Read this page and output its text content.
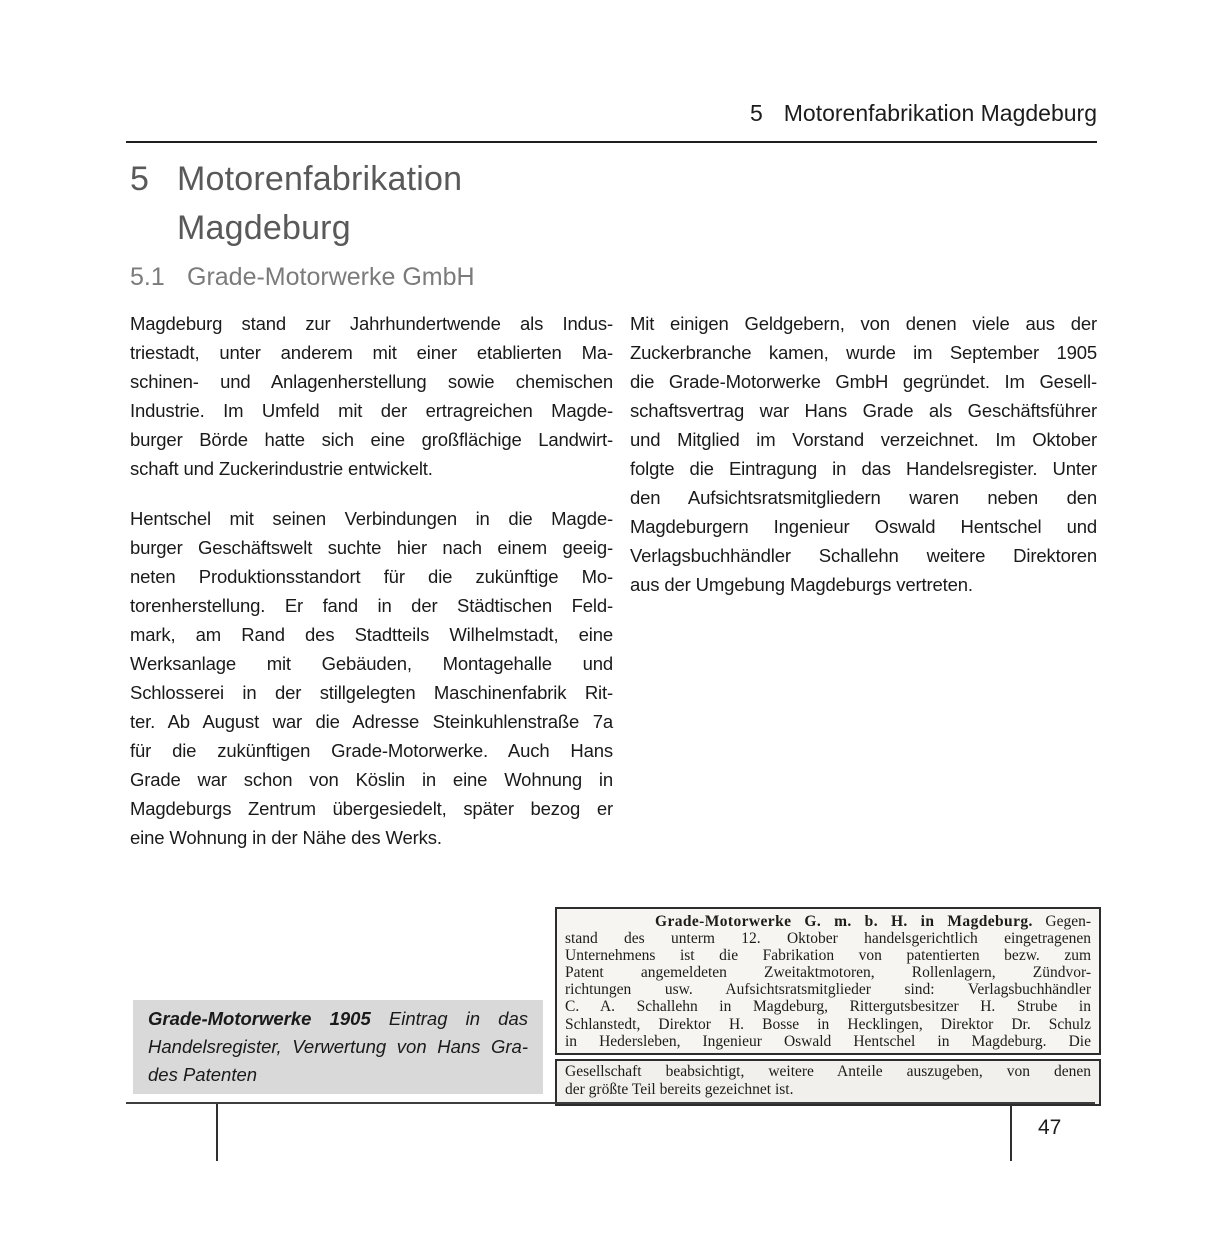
5 Motorenfabrikation Magdeburg
5 Motorenfabrikation
Magdeburg
5.1 Grade-Motorwerke GmbH
Magdeburg stand zur Jahrhundertwende als Indus-
triestadt, unter anderem mit einer etablierten Ma-
schinen- und Anlagenherstellung sowie chemischen
Industrie. Im Umfeld mit der ertragreichen Magde-
burger Börde hatte sich eine großflächige Landwirt-
schaft und Zuckerindustrie entwickelt.
Hentschel mit seinen Verbindungen in die Magde-
burger Geschäftswelt suchte hier nach einem geeig-
neten Produktionsstandort für die zukünftige Mo-
torenherstellung. Er fand in der Städtischen Feld-
mark, am Rand des Stadtteils Wilhelmstadt, eine
Werksanlage mit Gebäuden, Montagehalle und
Schlosserei in der stillgelegten Maschinenfabrik Rit-
ter. Ab August war die Adresse Steinkuhlenstraße 7a
für die zukünftigen Grade-Motorwerke. Auch Hans
Grade war schon von Köslin in eine Wohnung in
Magdeburgs Zentrum übergesiedelt, später bezog er
eine Wohnung in der Nähe des Werks.
Mit einigen Geldgebern, von denen viele aus der
Zuckerbranche kamen, wurde im September 1905
die Grade-Motorwerke GmbH gegründet. Im Gesell-
schaftsvertrag war Hans Grade als Geschäftsführer
und Mitglied im Vorstand verzeichnet. Im Oktober
folgte die Eintragung in das Handelsregister. Unter
den Aufsichtsratsmitgliedern waren neben den
Magdeburgern Ingenieur Oswald Hentschel und
Verlagsbuchhändler Schallehn weitere Direktoren
aus der Umgebung Magdeburgs vertreten.
Grade-Motorwerke G. m. b. H. in Magdeburg. Gegen-
stand des unterm 12. Oktober handelsgerichtlich eingetragenen
Unternehmens ist die Fabrikation von patentierten bezw. zum
Patent angemeldeten Zweitaktmotoren, Rollenlagern, Zündvor-
richtungen usw. Aufsichtsratsmitglieder sind: Verlagsbuchhändler
C. A. Schallehn in Magdeburg, Rittergutsbesitzer H. Strube in
Schlanstedt, Direktor H. Bosse in Hecklingen, Direktor Dr. Schulz
in Hedersleben, Ingenieur Oswald Hentschel in Magdeburg. Die
Gesellschaft beabsichtigt, weitere Anteile auszugeben, von denen
der größte Teil bereits gezeichnet ist.
Grade-Motorwerke 1905 Eintrag in das
Handelsregister, Verwertung von Hans Gra-
des Patenten
47
